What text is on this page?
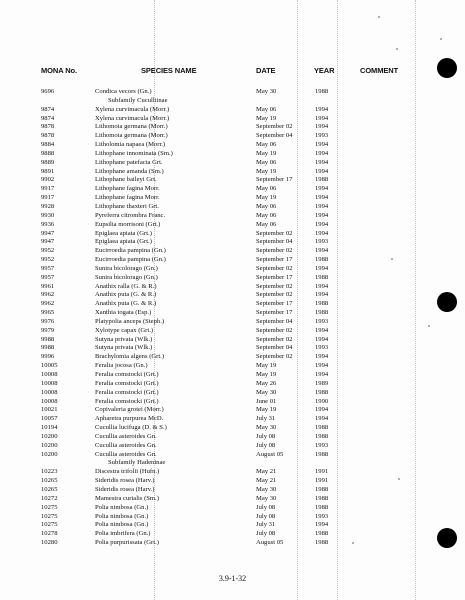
MONA No.	SPECIES NAME	DATE	YEAR	COMMENT
9696	Condica vecors (Gn.)	May 30	1988
Subfamily Cuculliinae
9874	Xylena curvimacula (Morr.)	May 06	1994
9874	Xylena curvimacula (Morr.)	May 19	1994
9878	Lithomoia germana (Morr.)	September 02	1994
9878	Lithomoia germana (Morr.)	September 04	1993
9884	Litholomia napaea (Morr.)	May 06	1994
9888	Lithophane innominata (Sm.)	May 19	1994
9889	Lithophane patefacta Grt.	May 06	1994
9891	Lithophane amanda (Sm.)	May 19	1994
9902	Lithophane baileyi Grt.	September 17	1988
9917	Lithophane fagina Morr.	May 06	1994
9917	Lithophane fagina Morr.	May 19	1994
9928	Lithophane thaxteri Grt.	May 06	1994
9930	Pyreferra citrombra Franc.	May 06	1994
9936	Eupsilia morrisoni (Grt.)	May 06	1994
9947	Epiglaea apiata (Grt.)	September 02	1994
9947	Epiglaea apiata (Grt.)	September 04	1993
9952	Eucirroedia pampina (Gn.)	September 02	1994
9952	Eucirroedia pampina (Gn.)	September 17	1988
9957	Sunira bicolorago (Gn.)	September 02	1994
9957	Sunira bicolorago (Gn.)	September 17	1988
9961	Anathix ralla (G. & R.)	September 02	1994
9962	Anathix puta (G. & R.)	September 02	1994
9962	Anathix puta (G. & R.)	September 17	1988
9965	Xanthia togata (Esp.)	September 17	1988
9976	Platypolia anceps (Steph.)	September 04	1993
9979	Xylotype capax (Grt.)	September 02	1994
9988	Sutyna privata (Wlk.)	September 02	1994
9988	Sutyna privata (Wlk.)	September 04	1993
9996	Brachylomia algens (Grt.)	September 02	1994
10005	Feralia jocosa (Gn.)	May 19	1994
10008	Feralia comstocki (Grt.)	May 19	1994
10008	Feralia comstocki (Grt.)	May 26	1989
10008	Feralia comstocki (Grt.)	May 30	1988
10008	Feralia comstocki (Grt.)	June 01	1990
10021	Copivaleria grotei (Morr.)	May 19	1994
10057	Apharetra purpurea McD.	July 31	1994
10194	Cucullia lucifuga (D. & S.)	May 30	1988
10200	Cucullia asteroides Gn.	July 08	1988
10200	Cucullia asteroides Gn.	July 08	1993
10200	Cucullia asteroides Gn.	August 05	1988
Subfamily Hadeninae
10223	Discestra trifolii (Hufn.)	May 21	1991
10265	Sideridis rosea (Harv.)	May 21	1991
10265	Sideridis rosea (Harv.)	May 30	1988
10272	Mamestra curialis (Sm.)	May 30	1988
10275	Polia nimbosa (Gn.)	July 08	1988
10275	Polia nimbosa (Gn.)	July 08	1993
10275	Polia nimbosa (Gn.)	July 31	1994
10278	Polia imbrifera (Gn.)	July 08	1988
10280	Polia purpurissata (Grt.)	August 05	1988
3.9-1-32
